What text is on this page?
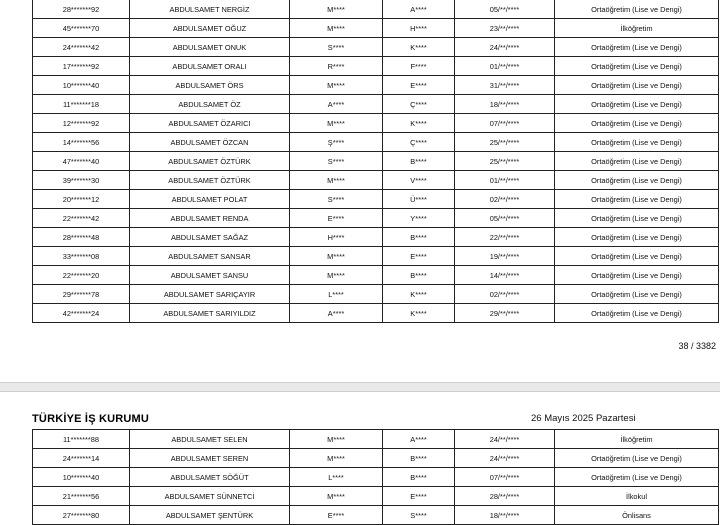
28*******92	ABDULSAMET NERGİZ	M****	A****	05/**/****	Ortaöğretim (Lise ve Dengi)
45*******70	ABDULSAMET OĞUZ	M****	H****	23/**/****	İlköğretim
24*******42	ABDULSAMET ONUK	S****	K****	24/**/****	Ortaöğretim (Lise ve Dengi)
17*******92	ABDULSAMET ORALI	R****	F****	01/**/****	Ortaöğretim (Lise ve Dengi)
10*******40	ABDULSAMET ÖRS	M****	E****	31/**/****	Ortaöğretim (Lise ve Dengi)
11*******18	ABDULSAMET ÖZ	A****	Ç****	18/**/****	Ortaöğretim (Lise ve Dengi)
12*******92	ABDULSAMET ÖZARICI	M****	K****	07/**/****	Ortaöğretim (Lise ve Dengi)
14*******56	ABDULSAMET ÖZCAN	Ş****	Ç****	25/**/****	Ortaöğretim (Lise ve Dengi)
47*******40	ABDULSAMET ÖZTÜRK	S****	B****	25/**/****	Ortaöğretim (Lise ve Dengi)
39*******30	ABDULSAMET ÖZTÜRK	M****	V****	01/**/****	Ortaöğretim (Lise ve Dengi)
20*******12	ABDULSAMET POLAT	S****	Ü****	02/**/****	Ortaöğretim (Lise ve Dengi)
22*******42	ABDULSAMET RENDA	E****	Y****	05/**/****	Ortaöğretim (Lise ve Dengi)
28*******48	ABDULSAMET SAĞAZ	H****	B****	22/**/****	Ortaöğretim (Lise ve Dengi)
33*******08	ABDULSAMET SANSAR	M****	E****	19/**/****	Ortaöğretim (Lise ve Dengi)
22*******20	ABDULSAMET SANSU	M****	B****	14/**/****	Ortaöğretim (Lise ve Dengi)
29*******78	ABDULSAMET SARIÇAYIR	L****	K****	02/**/****	Ortaöğretim (Lise ve Dengi)
42*******24	ABDULSAMET SARIYILDIZ	A****	K****	29/**/****	Ortaöğretim (Lise ve Dengi)
38 / 3382
TÜRKİYE İŞ KURUMU	26 Mayıs 2025 Pazartesi
11*******88	ABDULSAMET SELEN	M****	A****	24/**/****	İlköğretim
24*******14	ABDULSAMET SEREN	M****	B****	24/**/****	Ortaöğretim (Lise ve Dengi)
10*******40	ABDULSAMET SÖĞÜT	L****	B****	07/**/****	Ortaöğretim (Lise ve Dengi)
21*******56	ABDULSAMET SÜNNETCİ	M****	E****	28/**/****	İlkokul
27*******80	ABDULSAMET ŞENTÜRK	E****	S****	18/**/****	Önlisans
